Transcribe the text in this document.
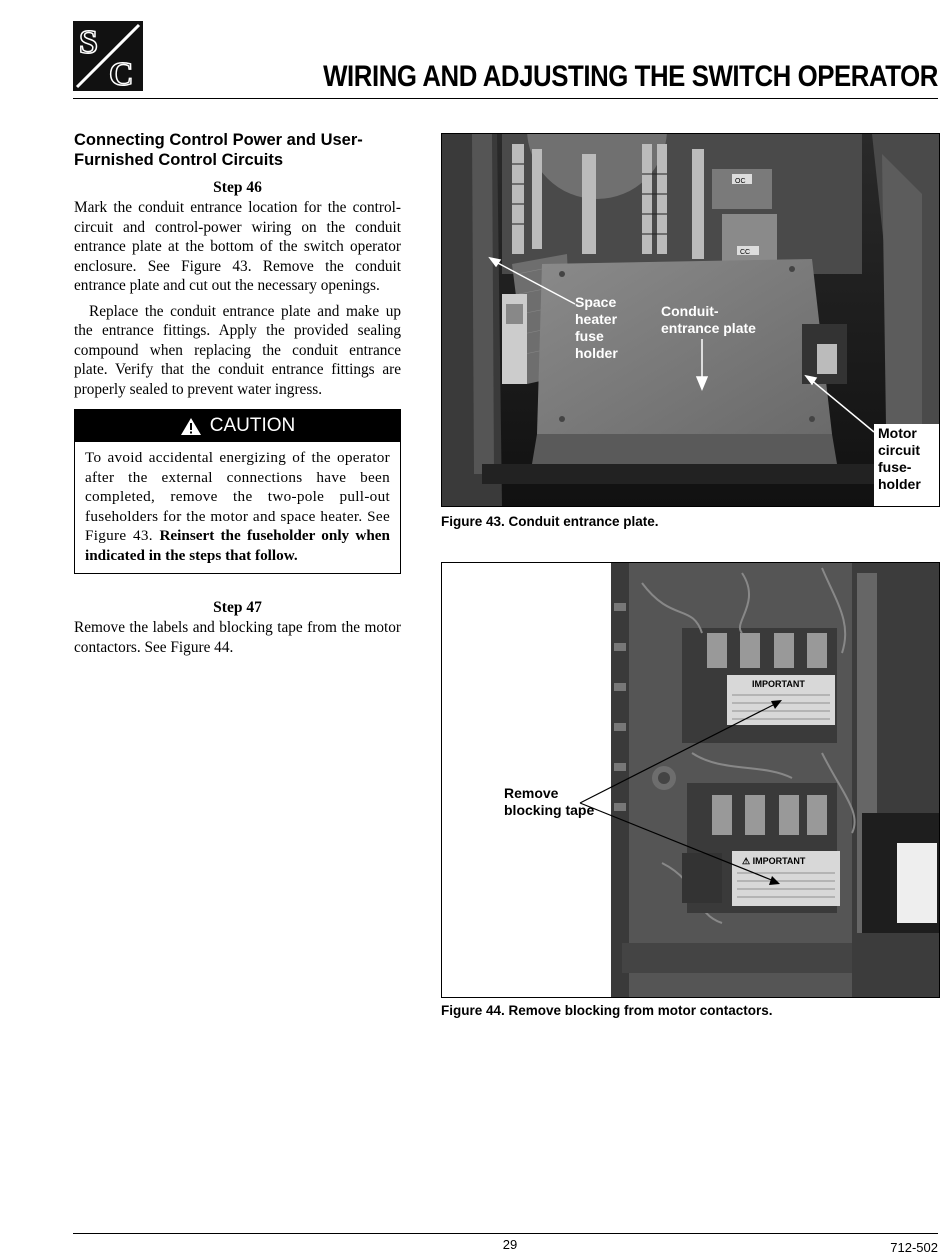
S
C	WIRING AND ADJUSTING THE SWITCH OPERATOR
Connecting Control Power and User-Furnished Control Circuits
Step 46

Mark the conduit entrance location for the control-circuit and control-power wiring on the conduit entrance plate at the bottom of the switch operator enclosure. See Figure 43. Remove the conduit entrance plate and cut out the necessary openings.

Replace the conduit entrance plate and make up the entrance fittings. Apply the provided sealing compound when replacing the conduit entrance plate. Verify that the conduit entrance fittings are properly sealed to prevent water ingress.

CAUTION
To avoid accidental energizing of the operator after the external connections have been completed, remove the two-pole pull-out fuseholders for the motor and space heater. See Figure 43. Reinsert the fuseholder only when indicated in the steps that follow.
Step 47

Remove the labels and blocking tape from the motor contactors. See Figure 44.

OC
CC
Space
heater
fuse
holder
Conduit-
entrance plate
Motor
circuit
fuse-
holder
Figure 43. Conduit entrance plate.
IMPORTANT
⚠ IMPORTANT
Remove
blocking tape
Figure 44. Remove blocking from motor contactors.
29	712-502
